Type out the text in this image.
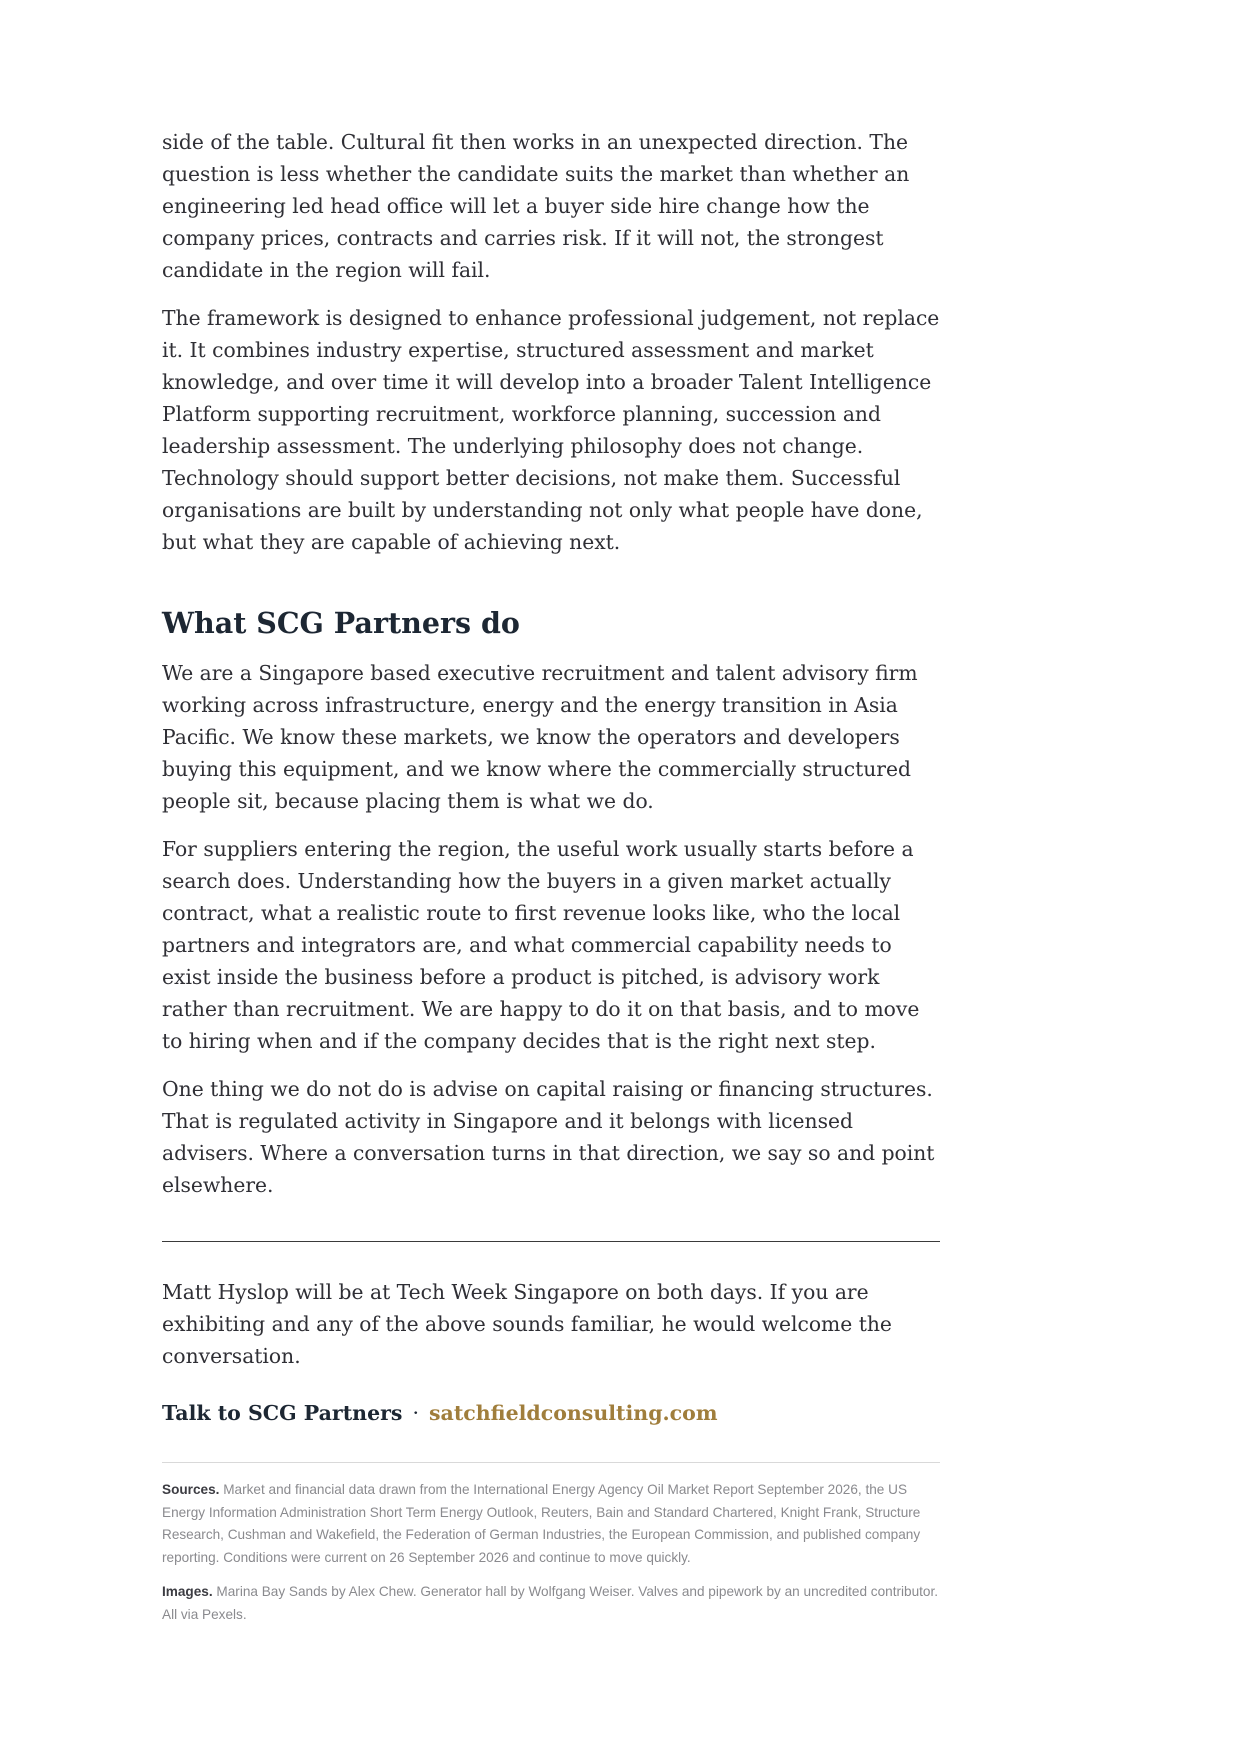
side of the table. Cultural fit then works in an unexpected direction. The question is less whether the candidate suits the market than whether an engineering led head office will let a buyer side hire change how the company prices, contracts and carries risk. If it will not, the strongest candidate in the region will fail.

The framework is designed to enhance professional judgement, not replace it. It combines industry expertise, structured assessment and market knowledge, and over time it will develop into a broader Talent Intelligence Platform supporting recruitment, workforce planning, succession and leadership assessment. The underlying philosophy does not change. Technology should support better decisions, not make them. Successful organisations are built by understanding not only what people have done, but what they are capable of achieving next.

What SCG Partners do

We are a Singapore based executive recruitment and talent advisory firm working across infrastructure, energy and the energy transition in Asia Pacific. We know these markets, we know the operators and developers buying this equipment, and we know where the commercially structured people sit, because placing them is what we do.

For suppliers entering the region, the useful work usually starts before a search does. Understanding how the buyers in a given market actually contract, what a realistic route to first revenue looks like, who the local partners and integrators are, and what commercial capability needs to exist inside the business before a product is pitched, is advisory work rather than recruitment. We are happy to do it on that basis, and to move to hiring when and if the company decides that is the right next step.

One thing we do not do is advise on capital raising or financing structures. That is regulated activity in Singapore and it belongs with licensed advisers. Where a conversation turns in that direction, we say so and point elsewhere.

Matt Hyslop will be at Tech Week Singapore on both days. If you are exhibiting and any of the above sounds familiar, he would welcome the conversation.

Talk to SCG Partners · satchfieldconsulting.com

Sources. Market and financial data drawn from the International Energy Agency Oil Market Report September 2026, the US Energy Information Administration Short Term Energy Outlook, Reuters, Bain and Standard Chartered, Knight Frank, Structure Research, Cushman and Wakefield, the Federation of German Industries, the European Commission, and published company reporting. Conditions were current on 26 September 2026 and continue to move quickly.

Images. Marina Bay Sands by Alex Chew. Generator hall by Wolfgang Weiser. Valves and pipework by an uncredited contributor. All via Pexels.
